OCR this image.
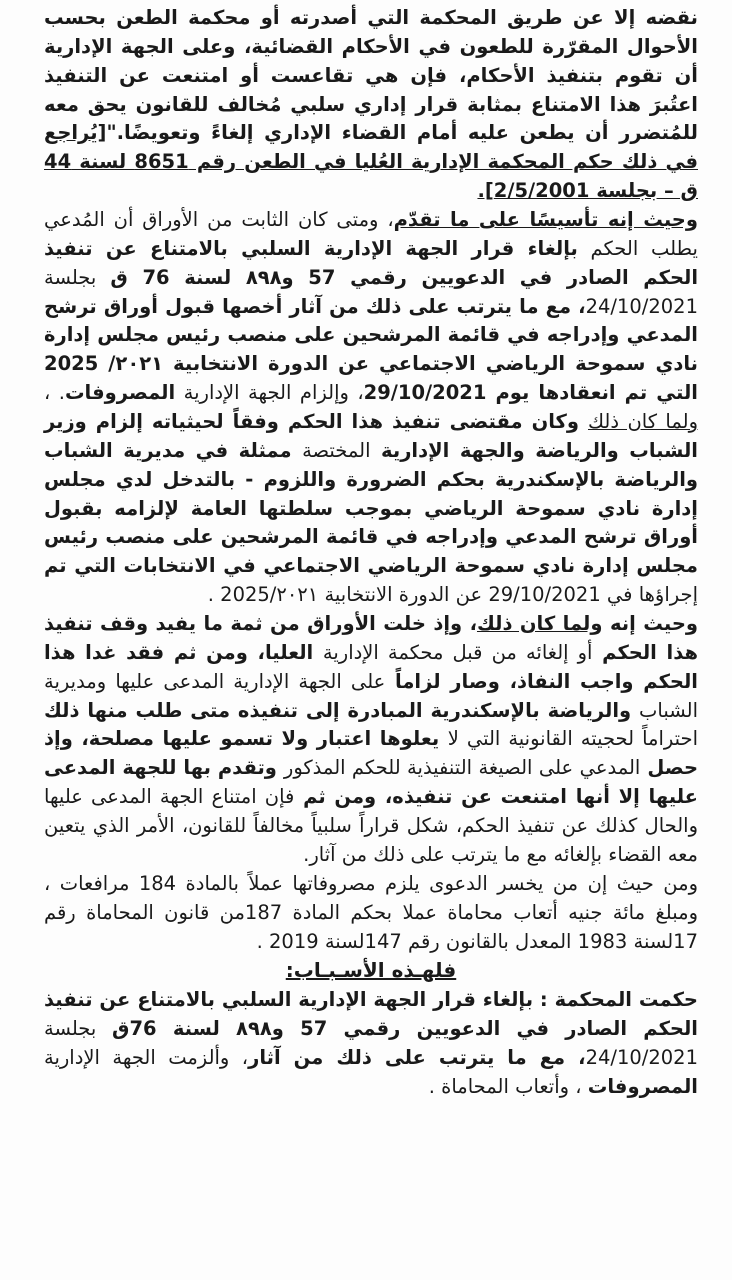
نقضه إلا عن طريق المحكمة التي أصدرته أو محكمة الطعن بحسب الأحوال المقرّرة للطعون في الأحكام القضائية، وعلى الجهة الإدارية أن تقوم بتنفيذ الأحكام، فإن هي تقاعست أو امتنعت عن التنفيذ اعتُبرَ هذا الامتناع بمثابة قرار إداري سلبي مُخالف للقانون يحق معه للمُتضرر أن يطعن عليه أمام القضاء الإداري إلغاءً وتعويضًا."[يُراجع في ذلك حكم المحكمة الإدارية العُليا في الطعن رقم 8651 لسنة 44 ق – بجلسة 2/5/2001].

وحيث إنه تأسيسًا على ما تقدّم، ومتى كان الثابت من الأوراق أن المُدعي يطلب الحكم بإلغاء قرار الجهة الإدارية السلبي بالامتناع عن تنفيذ الحكم الصادر في الدعويين رقمي 57 و٨٩٨ لسنة 76 ق بجلسة 24/10/2021، مع ما يترتب على ذلك من آثار أخصها قبول أوراق ترشح المدعي وإدراجه في قائمة المرشحين على منصب رئيس مجلس إدارة نادي سموحة الرياضي الاجتماعي عن الدورة الانتخابية ٢٠٢١/ 2025 التي تم انعقادها يوم 29/10/2021، وإلزام الجهة الإدارية المصروفات. ، ولما كان ذلك وكان مقتضى تنفيذ هذا الحكم وفقاً لحيثياته إلزام وزير الشباب والرياضة والجهة الإدارية المختصة ممثلة في مديرية الشباب والرياضة بالإسكندرية بحكم الضرورة واللزوم - بالتدخل لدي مجلس إدارة نادي سموحة الرياضي بموجب سلطتها العامة لإلزامه بقبول أوراق ترشح المدعي وإدراجه في قائمة المرشحين على منصب رئيس مجلس إدارة نادي سموحة الرياضي الاجتماعي في الانتخابات التي تم إجراؤها في 29/10/2021 عن الدورة الانتخابية 2025/٢٠٢١ .

وحيث إنه ولما كان ذلك، وإذ خلت الأوراق من ثمة ما يفيد وقف تنفيذ هذا الحكم أو إلغائه من قبل محكمة الإدارية العليا، ومن ثم فقد غدا هذا الحكم واجب النفاذ، وصار لزاماً على الجهة الإدارية المدعى عليها ومديرية الشباب والرياضة بالإسكندرية المبادرة إلى تنفيذه متى طلب منها ذلك احتراماً لحجيته القانونية التي لا يعلوها اعتبار ولا تسمو عليها مصلحة، وإذ حصل المدعي على الصيغة التنفيذية للحكم المذكور وتقدم بها للجهة المدعى عليها إلا أنها امتنعت عن تنفيذه، ومن ثم فإن امتناع الجهة المدعى عليها والحال كذلك عن تنفيذ الحكم، شكل قراراً سلبياً مخالفاً للقانون، الأمر الذي يتعين معه القضاء بإلغائه مع ما يترتب على ذلك من آثار.

ومن حيث إن من يخسر الدعوى يلزم مصروفاتها عملاً بالمادة 184 مرافعات ، ومبلغ مائة جنيه أتعاب محاماة عملا بحكم المادة 187من قانون المحاماة رقم 17لسنة 1983 المعدل بالقانون رقم 147لسنة 2019 .

فلهـذه الأسـبـاب:

حكمت المحكمة : بإلغاء قرار الجهة الإدارية السلبي بالامتناع عن تنفيذ الحكم الصادر في الدعويين رقمي 57 و٨٩٨ لسنة 76ق بجلسة 24/10/2021، مع ما يترتب على ذلك من آثار، وألزمت الجهة الإدارية المصروفات ، وأتعاب المحاماة .
